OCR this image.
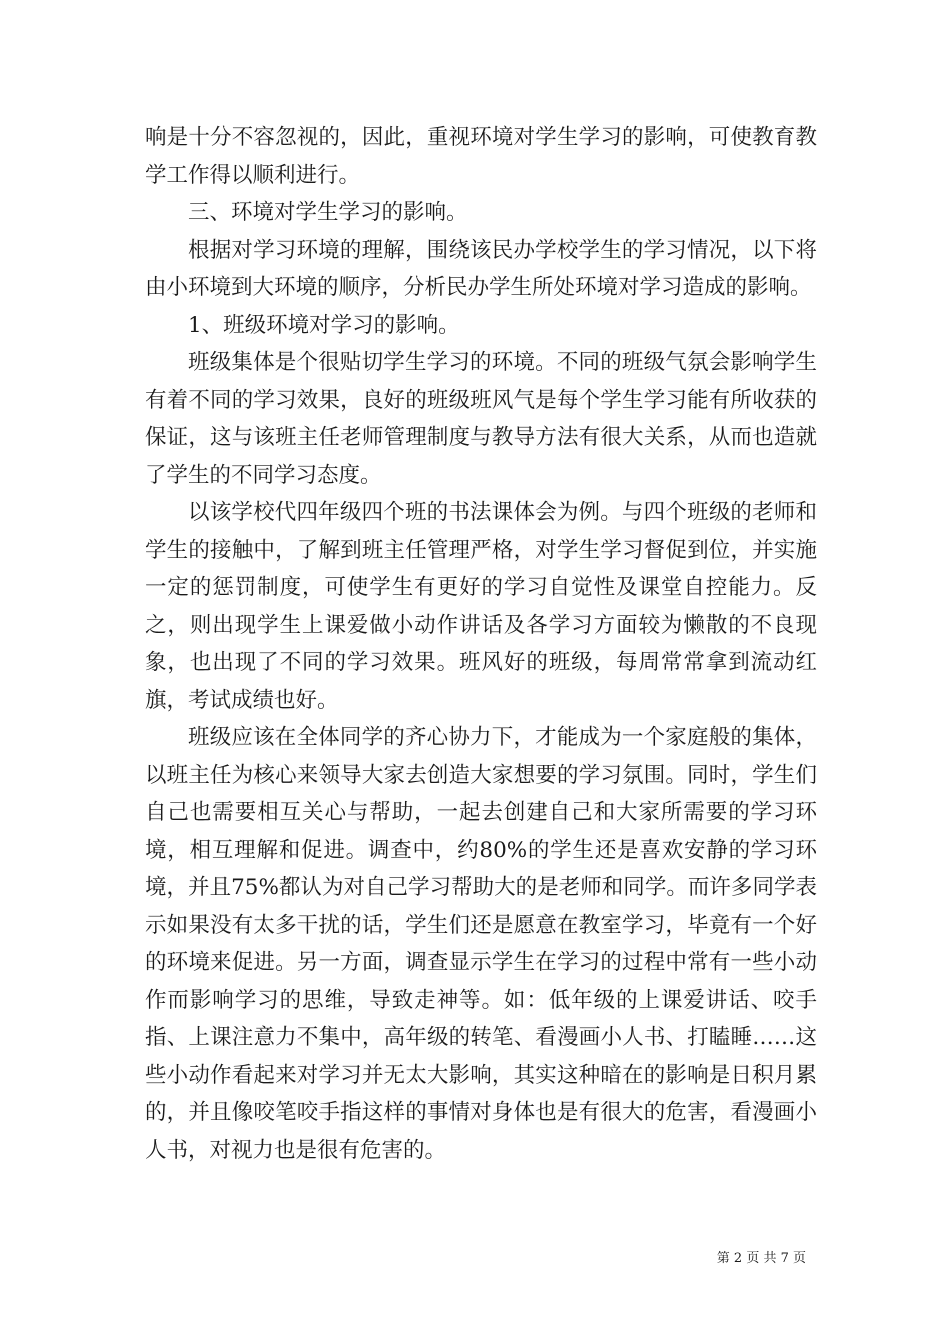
响是十分不容忽视的，因此，重视环境对学生学习的影响，可使教育教学工作得以顺利进行。

三、环境对学生学习的影响。

根据对学习环境的理解，围绕该民办学校学生的学习情况，以下将由小环境到大环境的顺序，分析民办学生所处环境对学习造成的影响。

1、班级环境对学习的影响。

班级集体是个很贴切学生学习的环境。不同的班级气氛会影响学生有着不同的学习效果，良好的班级班风气是每个学生学习能有所收获的保证，这与该班主任老师管理制度与教导方法有很大关系，从而也造就了学生的不同学习态度。

以该学校代四年级四个班的书法课体会为例。与四个班级的老师和学生的接触中，了解到班主任管理严格，对学生学习督促到位，并实施一定的惩罚制度，可使学生有更好的学习自觉性及课堂自控能力。反之，则出现学生上课爱做小动作讲话及各学习方面较为懒散的不良现象，也出现了不同的学习效果。班风好的班级，每周常常拿到流动红旗，考试成绩也好。

班级应该在全体同学的齐心协力下，才能成为一个家庭般的集体，以班主任为核心来领导大家去创造大家想要的学习氛围。同时，学生们自己也需要相互关心与帮助，一起去创建自己和大家所需要的学习环境，相互理解和促进。调查中，约80%的学生还是喜欢安静的学习环境，并且75%都认为对自己学习帮助大的是老师和同学。而许多同学表示如果没有太多干扰的话，学生们还是愿意在教室学习，毕竟有一个好的环境来促进。另一方面，调查显示学生在学习的过程中常有一些小动作而影响学习的思维，导致走神等。如：低年级的上课爱讲话、咬手指、上课注意力不集中，高年级的转笔、看漫画小人书、打瞌睡……这些小动作看起来对学习并无太大影响，其实这种暗在的影响是日积月累的，并且像咬笔咬手指这样的事情对身体也是有很大的危害，看漫画小人书，对视力也是很有危害的。

第 2 页 共 7 页
